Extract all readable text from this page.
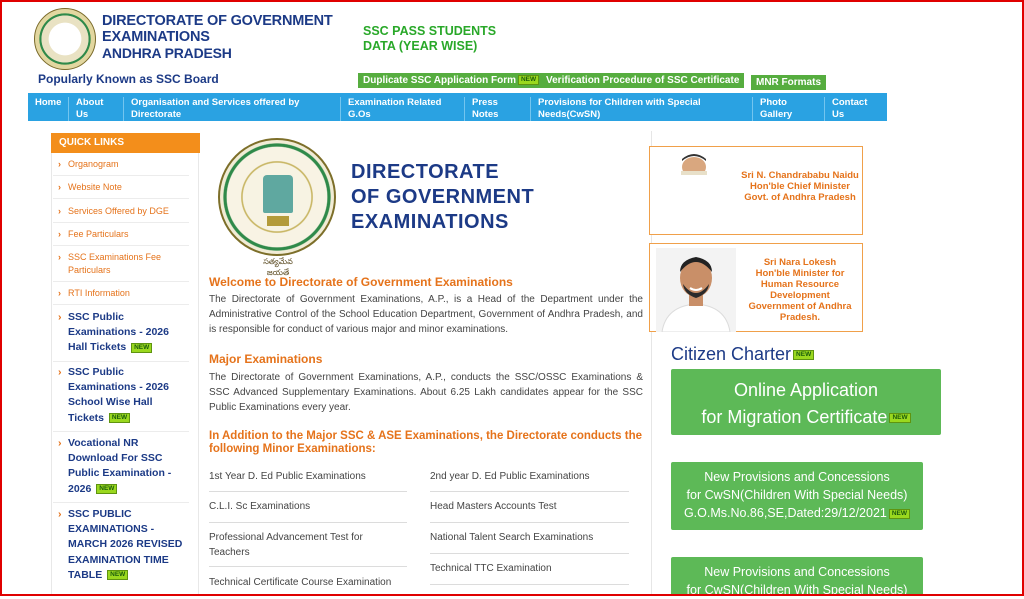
DIRECTORATE OF GOVERNMENT
EXAMINATIONS
ANDHRA PRADESH
Popularly Known as SSC Board
SSC PASS STUDENTS
DATA (YEAR WISE)
Duplicate SSC Application Form NEW Verification Procedure of SSC Certificate	MNR Formats
Home About
Us
Organisation and Services offered by
Directorate
Examination Related
G.Os
Press
Notes
Provisions for Children with Special
Needs(CwSN)
Photo
Gallery
Contact
Us
QUICK LINKS
› Organogram
› Website Note
› Services Offered by DGE
› Fee Particulars
› SSC Examinations Fee Particulars
› RTI Information
› SSC Public Examinations - 2026 Hall Tickets NEW
› SSC Public Examinations - 2026 School Wise Hall Tickets NEW
› Vocational NR Download For SSC Public Examination - 2026 NEW
› SSC PUBLIC EXAMINATIONS - MARCH 2026 REVISED EXAMINATION TIME TABLE NEW
సత్యమేవ జయతే
DIRECTORATE
OF GOVERNMENT
EXAMINATIONS
Welcome to Directorate of Government Examinations
The Directorate of Government Examinations, A.P., is a Head of the Department under the Administrative Control of the School Education Department, Government of Andhra Pradesh, and is responsible for conduct of various major and minor examinations.
Major Examinations
The Directorate of Government Examinations, A.P., conducts the SSC/OSSC Examinations & SSC Advanced Supplementary Examinations. About 6.25 Lakh candidates appear for the SSC Public Examinations every year.
In Addition to the Major SSC & ASE Examinations, the Directorate conducts the following Minor Examinations:
1st Year D. Ed Public Examinations
C.L.I. Sc Examinations
Professional Advancement Test for Teachers
Technical Certificate Course Examination
2nd year D. Ed Public Examinations
Head Masters Accounts Test
National Talent Search Examinations
Technical TTC Examination
Sri N. Chandrababu Naidu
Hon'ble Chief Minister
Govt. of Andhra Pradesh
Sri Nara Lokesh
Hon'ble Minister for
Human Resource
Development
Government of Andhra
Pradesh.
Citizen Charter NEW
Online Application
for Migration Certificate NEW
New Provisions and Concessions
for CwSN(Children With Special Needs)
G.O.Ms.No.86,SE,Dated:29/12/2021 NEW
New Provisions and Concessions
for CwSN(Children With Special Needs)
